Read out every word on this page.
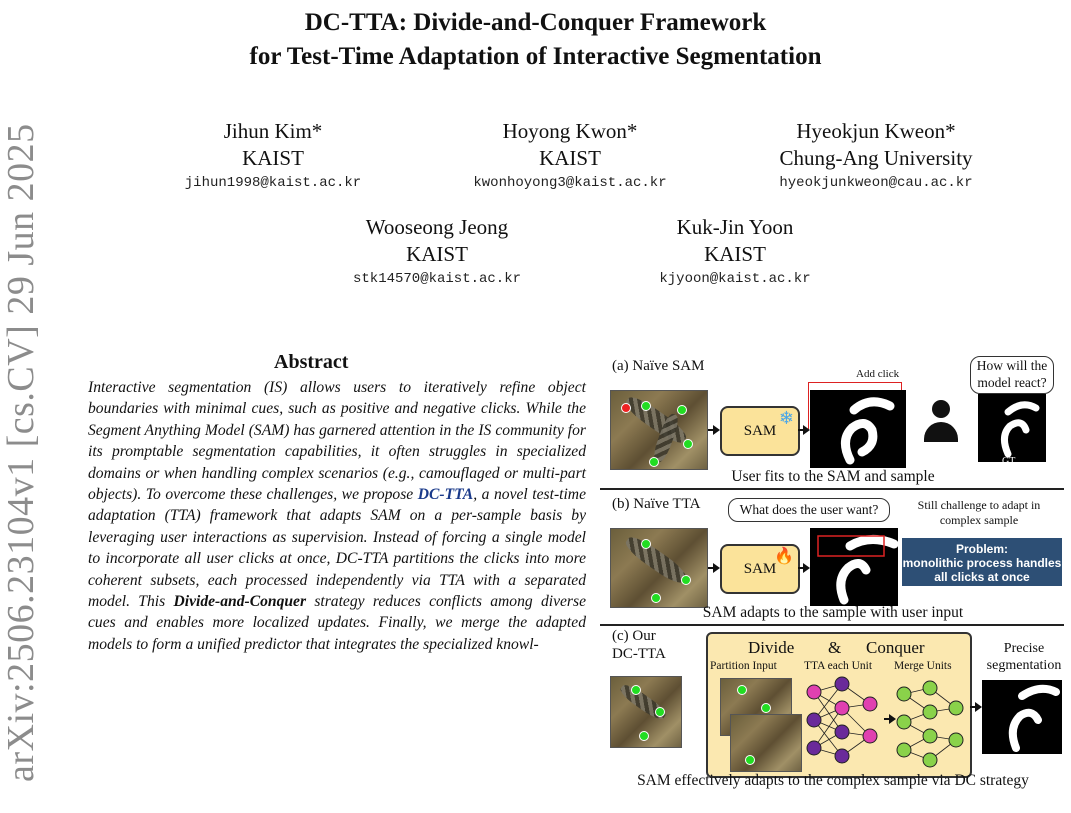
DC-TTA: Divide-and-Conquer Framework
for Test-Time Adaptation of Interactive Segmentation
Jihun Kim*
KAIST
jihun1998@kaist.ac.kr
Hoyong Kwon*
KAIST
kwonhoyong3@kaist.ac.kr
Hyeokjun Kweon*
Chung-Ang University
hyeokjunkweon@cau.ac.kr
Wooseong Jeong
KAIST
stk14570@kaist.ac.kr
Kuk-Jin Yoon
KAIST
kjyoon@kaist.ac.kr
arXiv:2506.23104v1 [cs.CV] 29 Jun 2025	Abstract
Interactive segmentation (IS) allows users to iteratively refine object boundaries with minimal cues, such as positive and negative clicks. While the Segment Anything Model (SAM) has garnered attention in the IS community for its promptable segmentation capabilities, it often struggles in specialized domains or when handling complex scenarios (e.g., camouflaged or multi-part objects). To overcome these challenges, we propose DC-TTA, a novel test-time adaptation (TTA) framework that adapts SAM on a per-sample basis by leveraging user interactions as supervision. Instead of forcing a single model to incorporate all user clicks at once, DC-TTA partitions the clicks into more coherent subsets, each processed independently via TTA with a separated model. This Divide-and-Conquer strategy reduces conflicts among diverse cues and enables more localized updates. Finally, we merge the adapted models to form a unified predictor that integrates the specialized knowl-
(a) Naïve SAM	Add click
SAM
❄
How will the model react?
GT
User fits to the SAM and sample
(b) Naïve TTA	What does the user want?	Still challenge to adapt in complex sample
SAM
🔥	Problem:
monolithic process handles all clicks at once
SAM adapts to the sample with user input
(c) Our
DC-TTA	Divide & Conquer
Partition Input TTA each Unit Merge Units
Precise segmentation
SAM effectively adapts to the complex sample via DC strategy
